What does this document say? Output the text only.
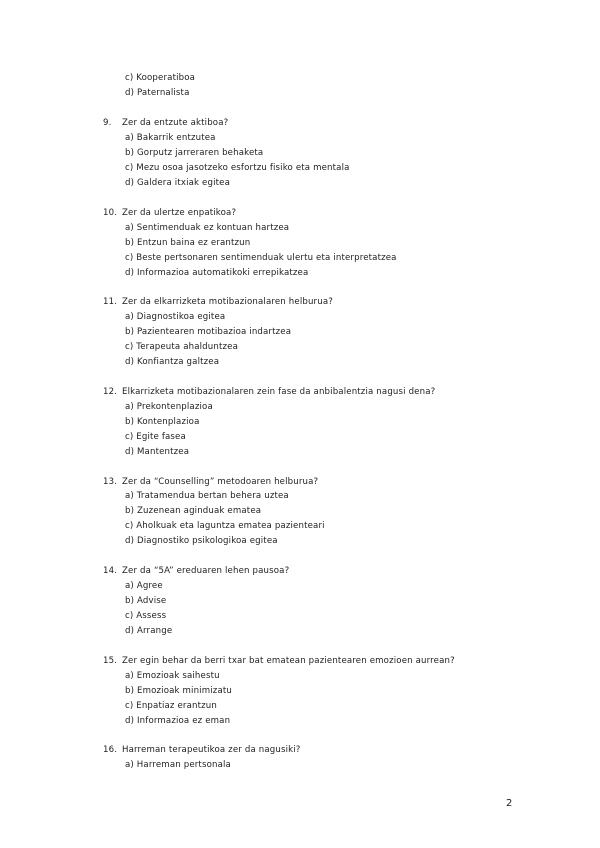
c) Kooperatiboa
d) Paternalista
9. Zer da entzute aktiboa?
a) Bakarrik entzutea
b) Gorputz jarreraren behaketa
c) Mezu osoa jasotzeko esfortzu fisiko eta mentala
d) Galdera itxiak egitea
10. Zer da ulertze enpatikoa?
a) Sentimenduak ez kontuan hartzea
b) Entzun baina ez erantzun
c) Beste pertsonaren sentimenduak ulertu eta interpretatzea
d) Informazioa automatikoki errepikatzea
11. Zer da elkarrizketa motibazionalaren helburua?
a) Diagnostikoa egitea
b) Pazientearen motibazioa indartzea
c) Terapeuta ahalduntzea
d) Konfiantza galtzea
12. Elkarrizketa motibazionalaren zein fase da anbibalentzia nagusi dena?
a) Prekontenplazioa
b) Kontenplazioa
c) Egite fasea
d) Mantentzea
13. Zer da “Counselling” metodoaren helburua?
a) Tratamendua bertan behera uztea
b) Zuzenean aginduak ematea
c) Aholkuak eta laguntza ematea pazienteari
d) Diagnostiko psikologikoa egitea
14. Zer da “5A” ereduaren lehen pausoa?
a) Agree
b) Advise
c) Assess
d) Arrange
15. Zer egin behar da berri txar bat ematean pazientearen emozioen aurrean?
a) Emozioak saihestu
b) Emozioak minimizatu
c) Enpatiaz erantzun
d) Informazioa ez eman
16. Harreman terapeutikoa zer da nagusiki?
a) Harreman pertsonala
2
